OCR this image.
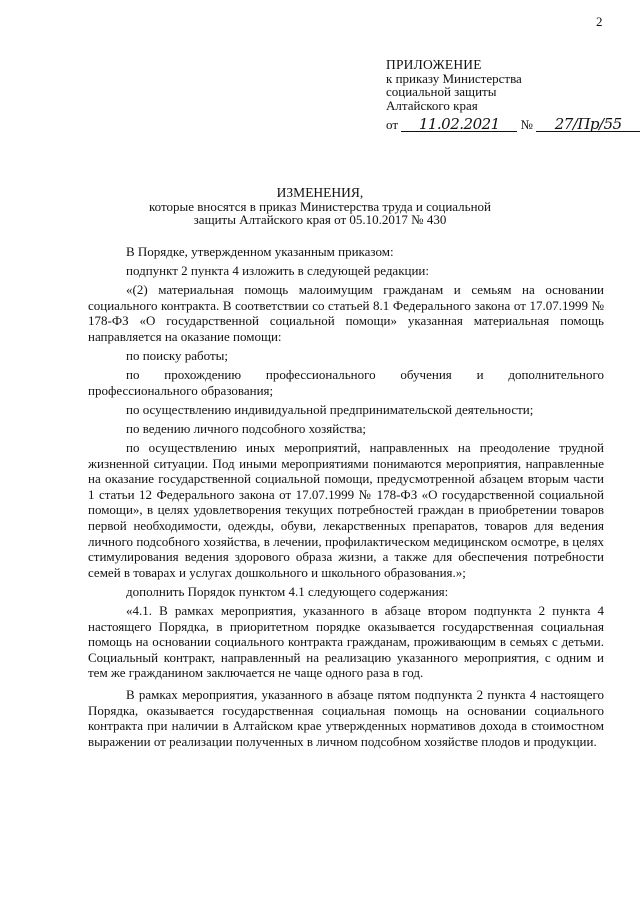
2
ПРИЛОЖЕНИЕ
к приказу Министерства
социальной защиты
Алтайского края
от 11.02.2021 № 27/Пр/55
ИЗМЕНЕНИЯ,
которые вносятся в приказ Министерства труда и социальной
защиты Алтайского края от 05.10.2017 № 430

В Порядке, утвержденном указанным приказом:

подпункт 2 пункта 4 изложить в следующей редакции:

«(2) материальная помощь малоимущим гражданам и семьям на основании социального контракта. В соответствии со статьей 8.1 Федерального закона от 17.07.1999 № 178-ФЗ «О государственной социальной помощи» указанная материальная помощь направляется на оказание помощи:

по поиску работы;

по прохождению профессионального обучения и дополнительного профессионального образования;

по осуществлению индивидуальной предпринимательской деятельности;

по ведению личного подсобного хозяйства;

по осуществлению иных мероприятий, направленных на преодоление трудной жизненной ситуации. Под иными мероприятиями понимаются мероприятия, направленные на оказание государственной социальной помощи, предусмотренной абзацем вторым части 1 статьи 12 Федерального закона от 17.07.1999 № 178-ФЗ «О государственной социальной помощи», в целях удовлетворения текущих потребностей граждан в приобретении товаров первой необходимости, одежды, обуви, лекарственных препаратов, товаров для ведения личного подсобного хозяйства, в лечении, профилактическом медицинском осмотре, в целях стимулирования ведения здорового образа жизни, а также для обеспечения потребности семей в товарах и услугах дошкольного и школьного образования.»;

дополнить Порядок пунктом 4.1 следующего содержания:

«4.1. В рамках мероприятия, указанного в абзаце втором подпункта 2 пункта 4 настоящего Порядка, в приоритетном порядке оказывается государственная социальная помощь на основании социального контракта гражданам, проживающим в семьях с детьми. Социальный контракт, направленный на реализацию указанного мероприятия, с одним и тем же гражданином заключается не чаще одного раза в год.

В рамках мероприятия, указанного в абзаце пятом подпункта 2 пункта 4 настоящего Порядка, оказывается государственная социальная помощь на основании социального контракта при наличии в Алтайском крае утвержденных нормативов дохода в стоимостном выражении от реализации полученных в личном подсобном хозяйстве плодов и продукции.
